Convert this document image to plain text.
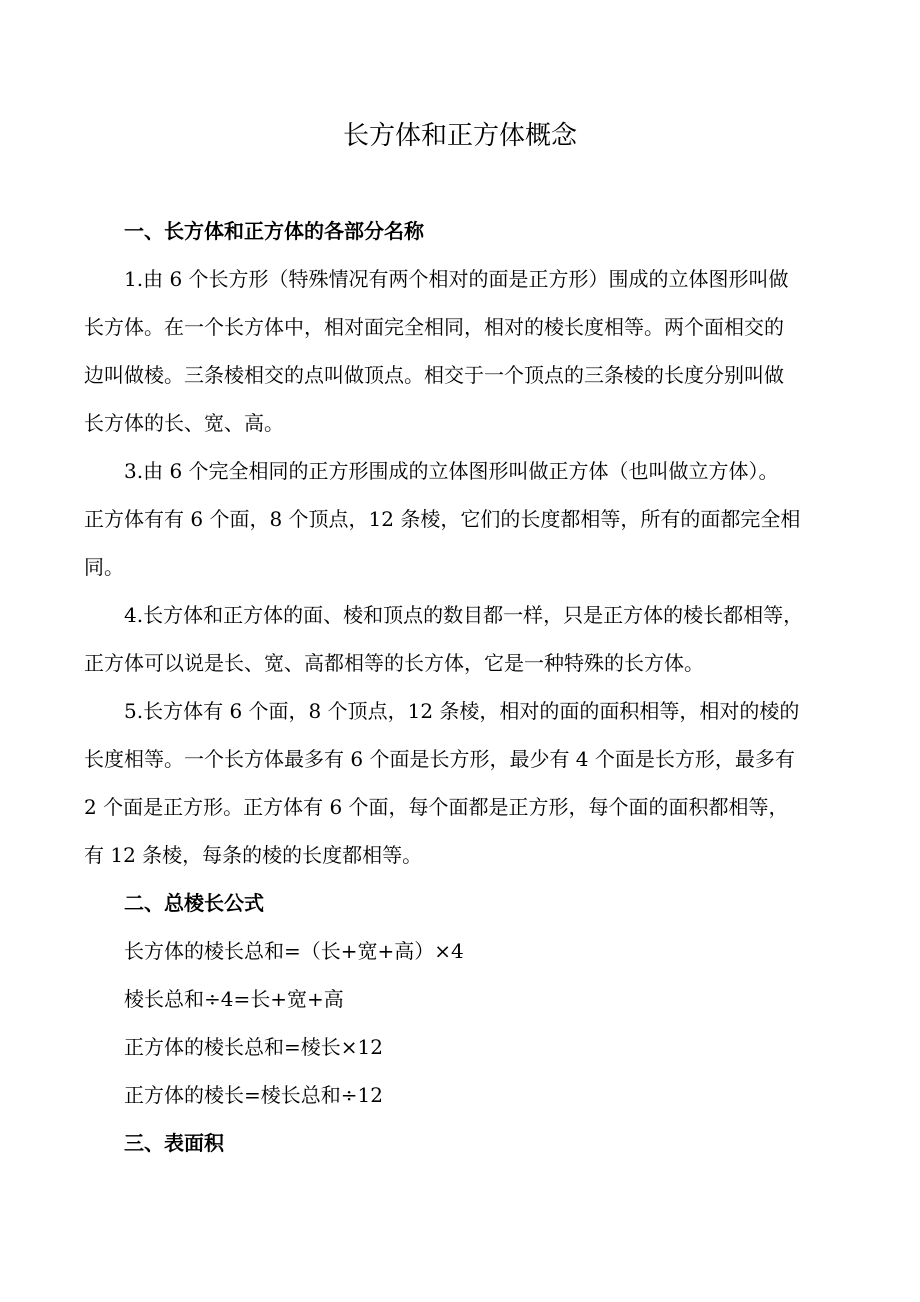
长方体和正方体概念
一、长方体和正方体的各部分名称
1.由 6 个长方形（特殊情况有两个相对的面是正方形）围成的立体图形叫做
长方体。在一个长方体中，相对面完全相同，相对的棱长度相等。两个面相交的
边叫做棱。三条棱相交的点叫做顶点。相交于一个顶点的三条棱的长度分别叫做
长方体的长、宽、高。
3.由 6 个完全相同的正方形围成的立体图形叫做正方体（也叫做立方体）。
正方体有有 6 个面，8 个顶点，12 条棱，它们的长度都相等，所有的面都完全相
同。
4.长方体和正方体的面、棱和顶点的数目都一样，只是正方体的棱长都相等，
正方体可以说是长、宽、高都相等的长方体，它是一种特殊的长方体。
5.长方体有 6 个面，8 个顶点，12 条棱，相对的面的面积相等，相对的棱的
长度相等。一个长方体最多有 6 个面是长方形，最少有 4 个面是长方形，最多有
2 个面是正方形。正方体有 6 个面，每个面都是正方形，每个面的面积都相等，
有 12 条棱，每条的棱的长度都相等。
二、总棱长公式
长方体的棱长总和=（长+宽+高）×4
棱长总和÷4=长+宽+高
正方体的棱长总和=棱长×12
正方体的棱长=棱长总和÷12
三、表面积
